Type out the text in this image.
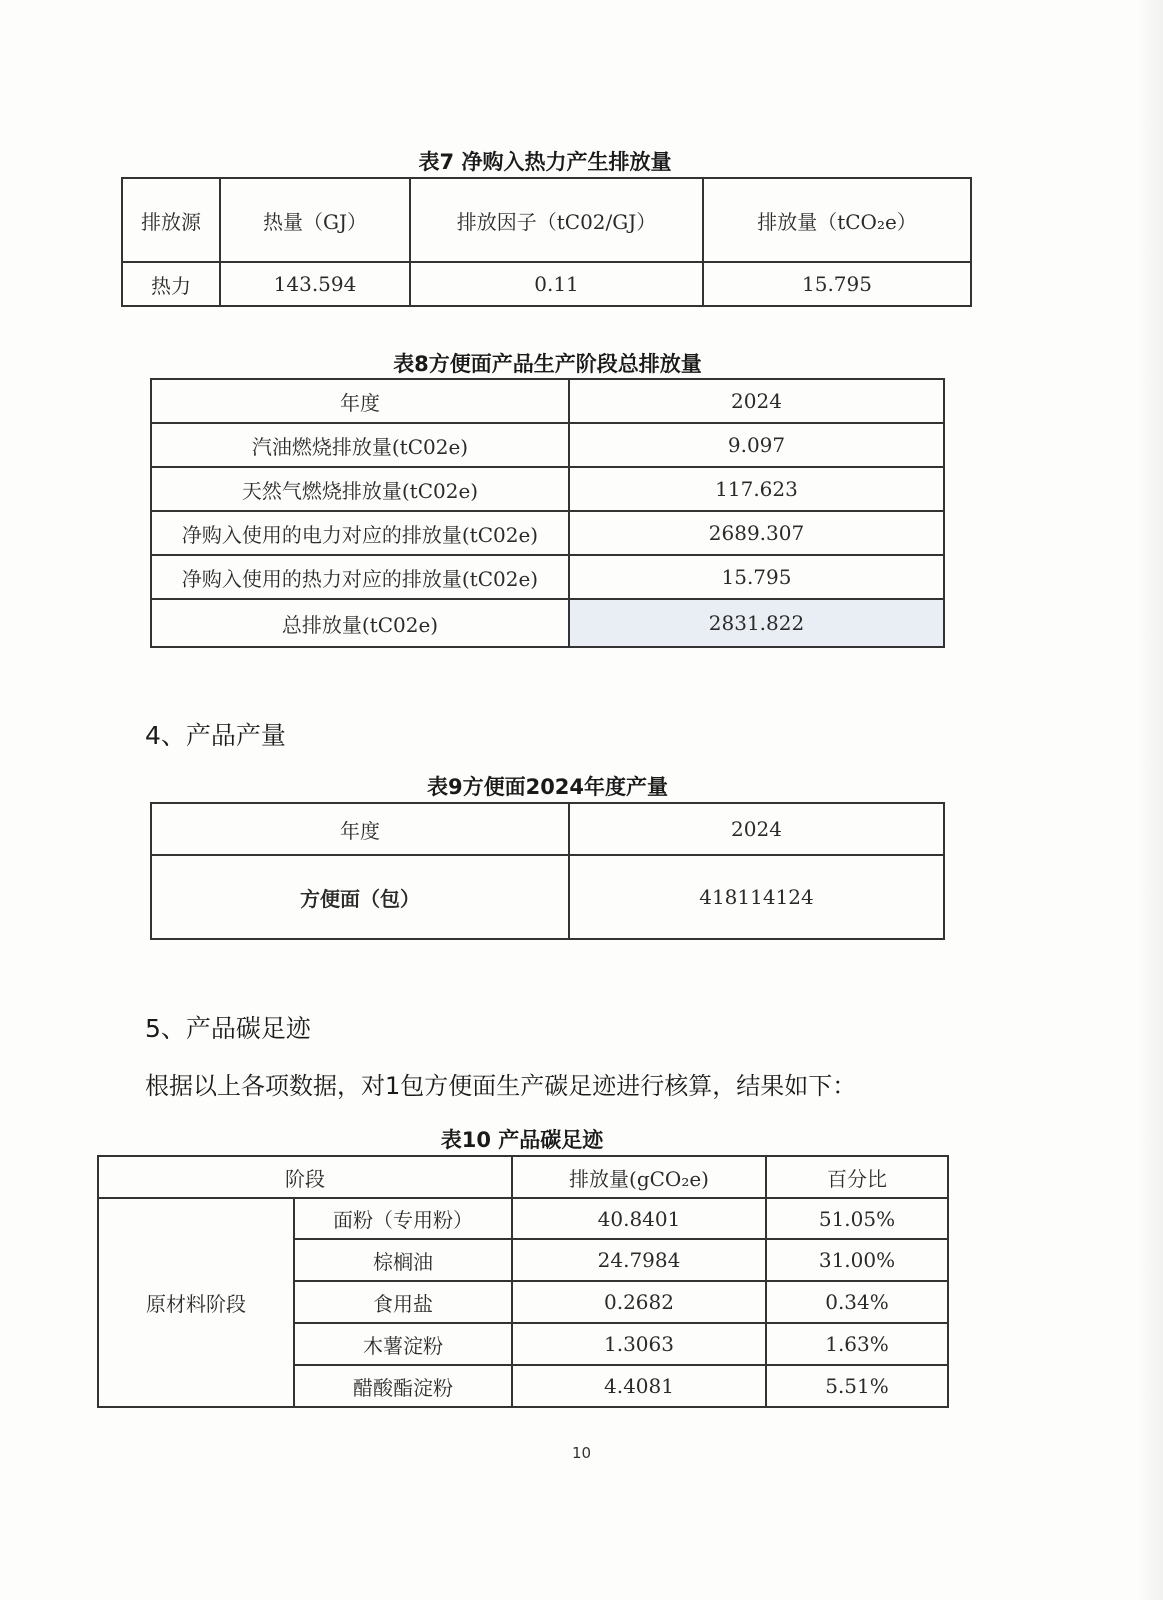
表7 净购入热力产生排放量
排放源	热量（GJ）	排放因子（tC02/GJ）	排放量（tCO₂e）
热力	143.594	0.11	15.795
表8方便面产品生产阶段总排放量
年度	2024
汽油燃烧排放量(tC02e)	9.097
天然气燃烧排放量(tC02e)	117.623
净购入使用的电力对应的排放量(tC02e)	2689.307
净购入使用的热力对应的排放量(tC02e)	15.795
总排放量(tC02e)	2831.822
4、产品产量
表9方便面2024年度产量
年度	2024
方便面（包）	418114124
5、产品碳足迹
根据以上各项数据，对1包方便面生产碳足迹进行核算，结果如下：
表10 产品碳足迹
阶段		排放量(gCO₂e)	百分比
原材料阶段	面粉（专用粉）	40.8401	51.05%
	棕榈油	24.7984	31.00%
	食用盐	0.2682	0.34%
	木薯淀粉	1.3063	1.63%
	醋酸酯淀粉	4.4081	5.51%
10
